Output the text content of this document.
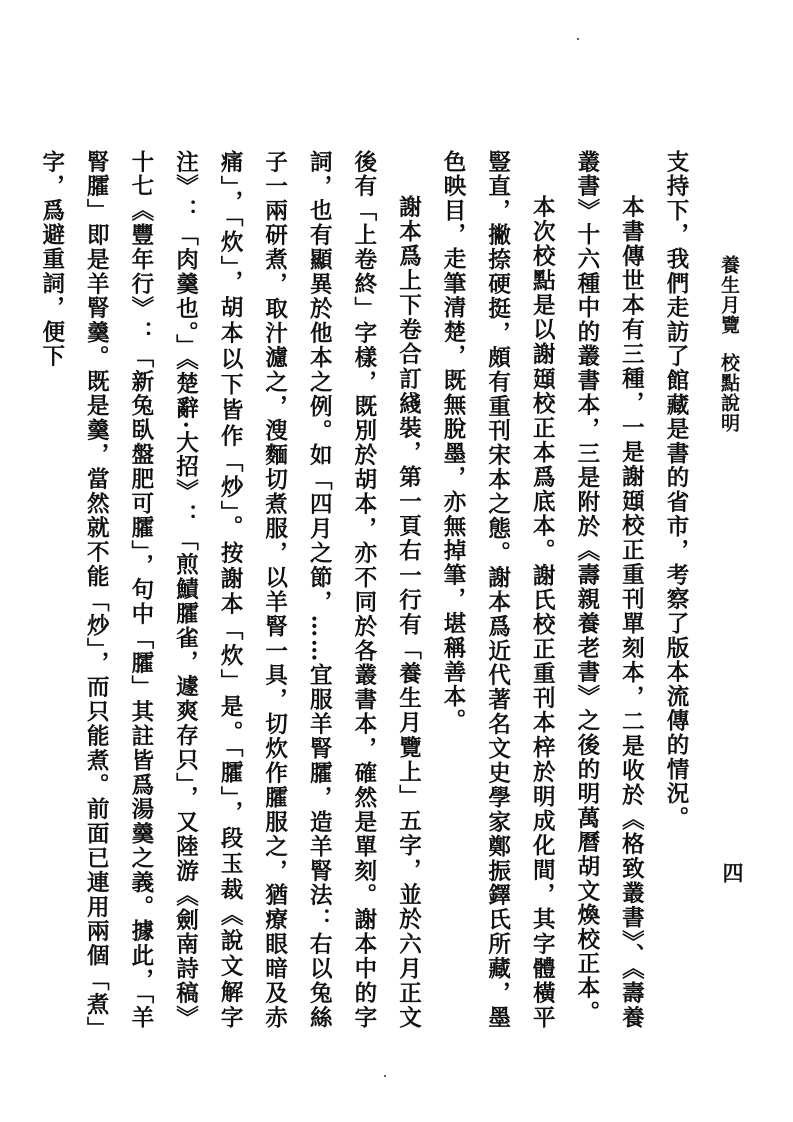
養生月覽校點說明
四

支持下，我們走訪了館藏是書的省市，考察了版本流傳的情況。

本書傳世本有三種，一是謝頲校正重刊單刻本，二是收於《格致叢書》、《壽養叢書》十六種中的叢書本，三是附於《壽親養老書》之後的明萬曆胡文煥校正本。

本次校點是以謝頲校正本爲底本。謝氏校正重刊本梓於明成化間，其字體橫平豎直，撇捺硬挺，頗有重刊宋本之態。謝本爲近代著名文史學家鄭振鐸氏所藏，墨色映目，走筆清楚，既無脫墨，亦無掉筆，堪稱善本。

謝本爲上下卷合訂綫裝，第一頁右一行有「養生月覽上」五字，並於六月正文後有「上卷終」字樣，既別於胡本，亦不同於各叢書本，確然是單刻。謝本中的字詞，也有顯異於他本之例。如「四月之節，……宜服羊腎臛，造羊腎法：右以兔絲子一兩研煮，取汁濾之，溲麵切煮服，以羊腎一具，切炊作臛服之，猶療眼暗及赤痛」，「炊」，胡本以下皆作「炒」。按謝本「炊」是。「臛」，段玉裁《說文解字注》：「肉羹也。」《楚辭·大招》：「煎鰿臛雀，遽爽存只」，又陸游《劍南詩稿》十七《豐年行》：「新兔臥盤肥可臛」，句中「臛」其註皆爲湯羹之義。據此，「羊腎臛」即是羊腎羹。既是羹，當然就不能「炒」，而只能煮。前面已連用兩個「煮」字，爲避重詞，便下
